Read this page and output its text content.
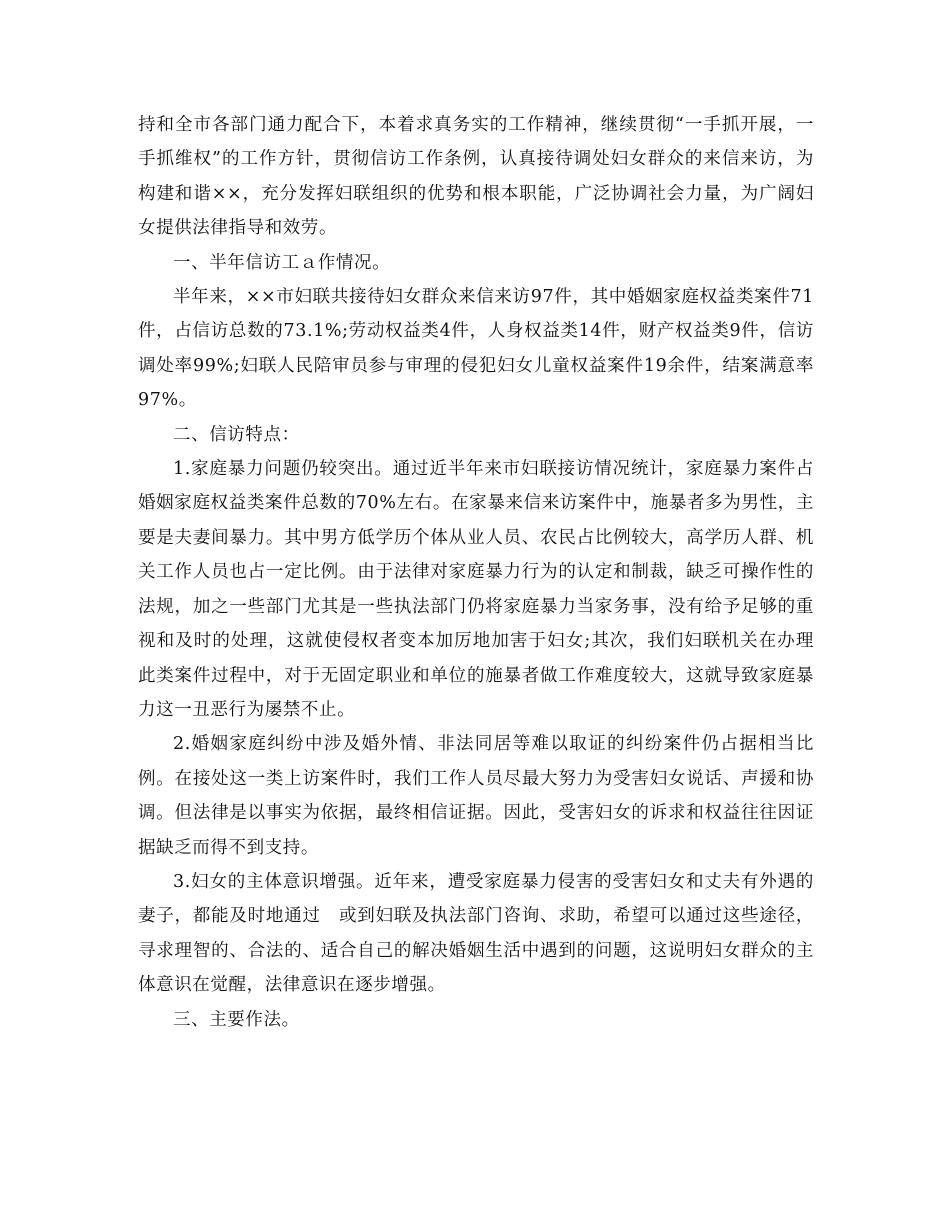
持和全市各部门通力配合下，本着求真务实的工作精神，继续贯彻“一手抓开展，一手抓维权”的工作方针，贯彻信访工作条例，认真接待调处妇女群众的来信来访，为构建和谐××，充分发挥妇联组织的优势和根本职能，广泛协调社会力量，为广阔妇女提供法律指导和效劳。

一、半年信访工ａ作情况。

半年来，××市妇联共接待妇女群众来信来访97件，其中婚姻家庭权益类案件71件，占信访总数的73.1%;劳动权益类4件，人身权益类14件，财产权益类9件，信访调处率99%;妇联人民陪审员参与审理的侵犯妇女儿童权益案件19余件，结案满意率97%。

二、信访特点：

1.家庭暴力问题仍较突出。通过近半年来市妇联接访情况统计，家庭暴力案件占婚姻家庭权益类案件总数的70%左右。在家暴来信来访案件中，施暴者多为男性，主要是夫妻间暴力。其中男方低学历个体从业人员、农民占比例较大，高学历人群、机关工作人员也占一定比例。由于法律对家庭暴力行为的认定和制裁，缺乏可操作性的法规，加之一些部门尤其是一些执法部门仍将家庭暴力当家务事，没有给予足够的重视和及时的处理，这就使侵权者变本加厉地加害于妇女;其次，我们妇联机关在办理此类案件过程中，对于无固定职业和单位的施暴者做工作难度较大，这就导致家庭暴力这一丑恶行为屡禁不止。

2.婚姻家庭纠纷中涉及婚外情、非法同居等难以取证的纠纷案件仍占据相当比例。在接处这一类上访案件时，我们工作人员尽最大努力为受害妇女说话、声援和协调。但法律是以事实为依据，最终相信证据。因此，受害妇女的诉求和权益往往因证据缺乏而得不到支持。

3.妇女的主体意识增强。近年来，遭受家庭暴力侵害的受害妇女和丈夫有外遇的妻子，都能及时地通过　或到妇联及执法部门咨询、求助，希望可以通过这些途径，寻求理智的、合法的、适合自己的解决婚姻生活中遇到的问题，这说明妇女群众的主体意识在觉醒，法律意识在逐步增强。

三、主要作法。
